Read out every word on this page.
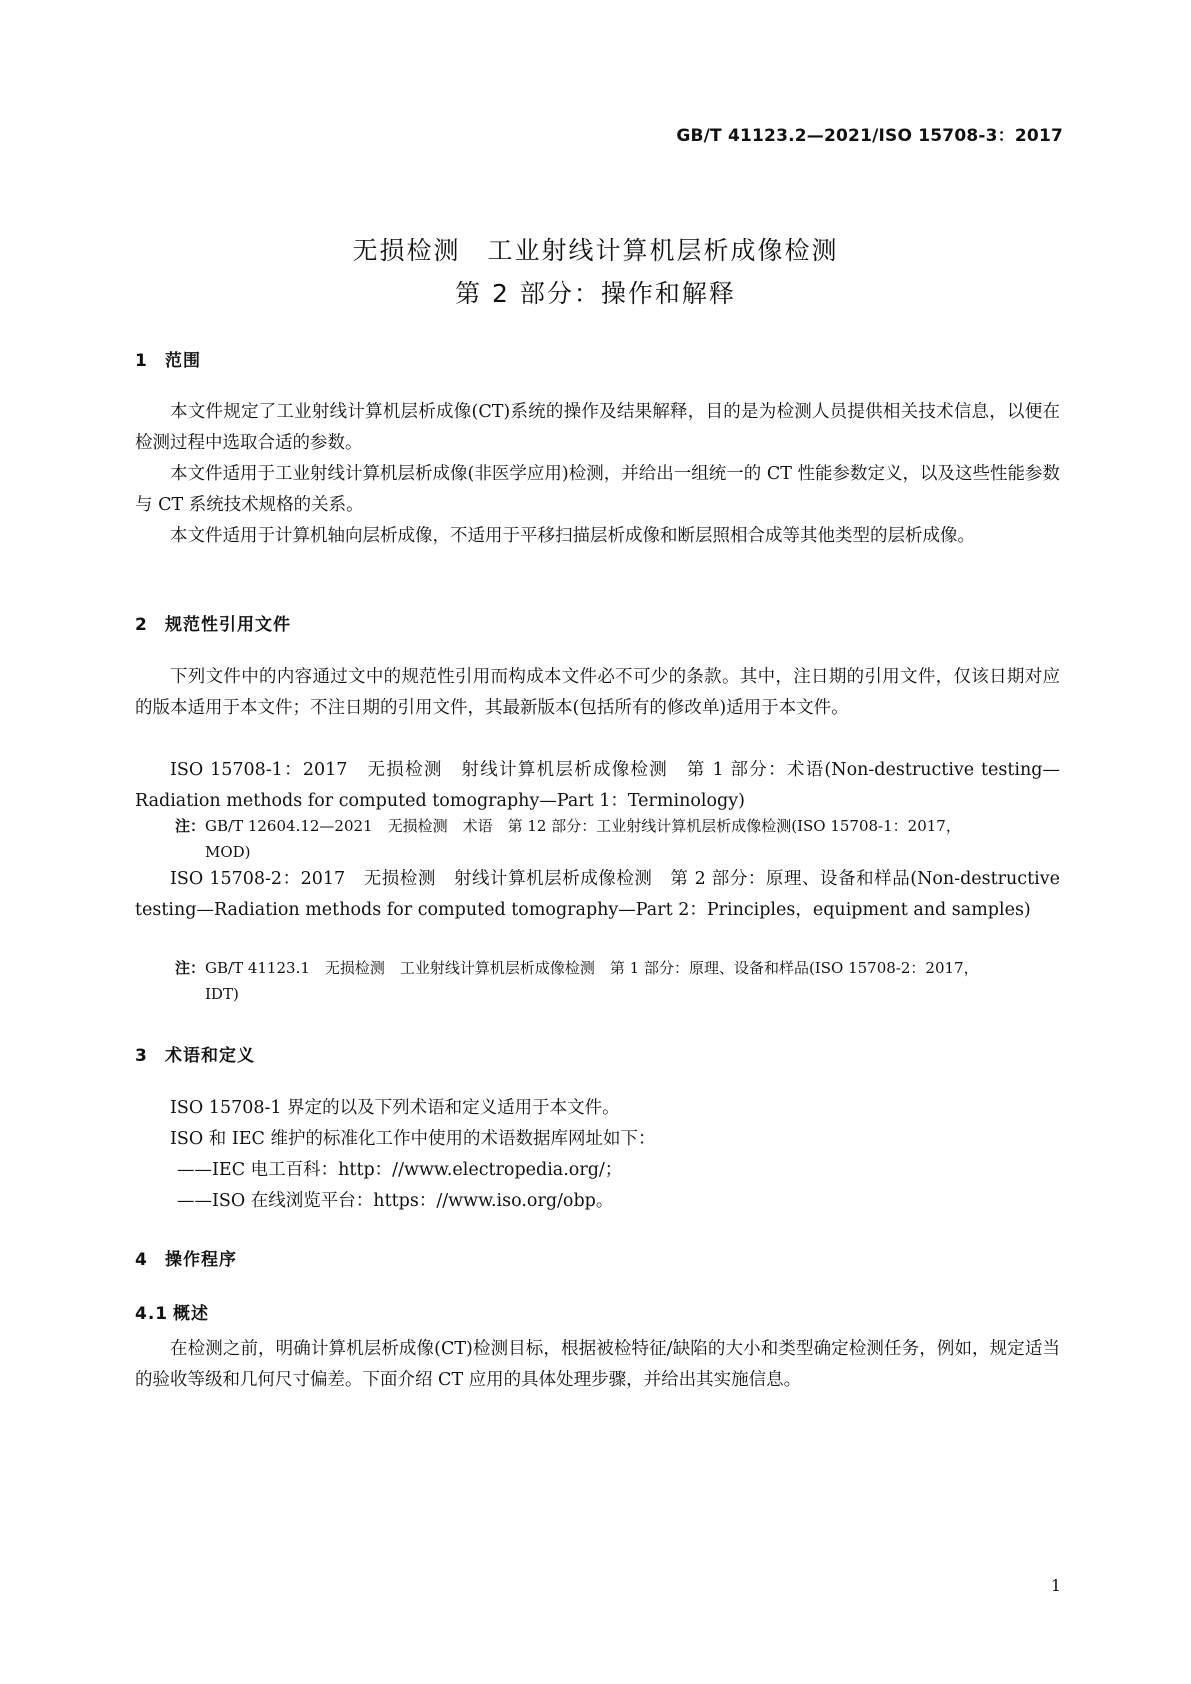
GB/T 41123.2—2021/ISO 15708-3：2017
无损检测　工业射线计算机层析成像检测
第 2 部分：操作和解释
1 范围

本文件规定了工业射线计算机层析成像(CT)系统的操作及结果解释，目的是为检测人员提供相关技术信息，以便在检测过程中选取合适的参数。

本文件适用于工业射线计算机层析成像(非医学应用)检测，并给出一组统一的 CT 性能参数定义，以及这些性能参数与 CT 系统技术规格的关系。

本文件适用于计算机轴向层析成像，不适用于平移扫描层析成像和断层照相合成等其他类型的层析成像。

2 规范性引用文件

下列文件中的内容通过文中的规范性引用而构成本文件必不可少的条款。其中，注日期的引用文件，仅该日期对应的版本适用于本文件；不注日期的引用文件，其最新版本(包括所有的修改单)适用于本文件。

ISO 15708-1：2017　无损检测　射线计算机层析成像检测　第 1 部分：术语(Non-destructive testing—Radiation methods for computed tomography—Part 1：Terminology)

注：GB/T 12604.12—2021　无损检测　术语　第 12 部分：工业射线计算机层析成像检测(ISO 15708-1：2017，
MOD)

ISO 15708-2：2017　无损检测　射线计算机层析成像检测　第 2 部分：原理、设备和样品(Non-destructive testing—Radiation methods for computed tomography—Part 2：Principles，equipment and samples)

注：GB/T 41123.1　无损检测　工业射线计算机层析成像检测　第 1 部分：原理、设备和样品(ISO 15708-2：2017，
IDT)

3 术语和定义

ISO 15708-1 界定的以及下列术语和定义适用于本文件。

ISO 和 IEC 维护的标准化工作中使用的术语数据库网址如下：

——IEC 电工百科：http：//www.electropedia.org/；

——ISO 在线浏览平台：https：//www.iso.org/obp。

4 操作程序
4.1 概述

在检测之前，明确计算机层析成像(CT)检测目标，根据被检特征/缺陷的大小和类型确定检测任务，例如，规定适当的验收等级和几何尺寸偏差。下面介绍 CT 应用的具体处理步骤，并给出其实施信息。

1
